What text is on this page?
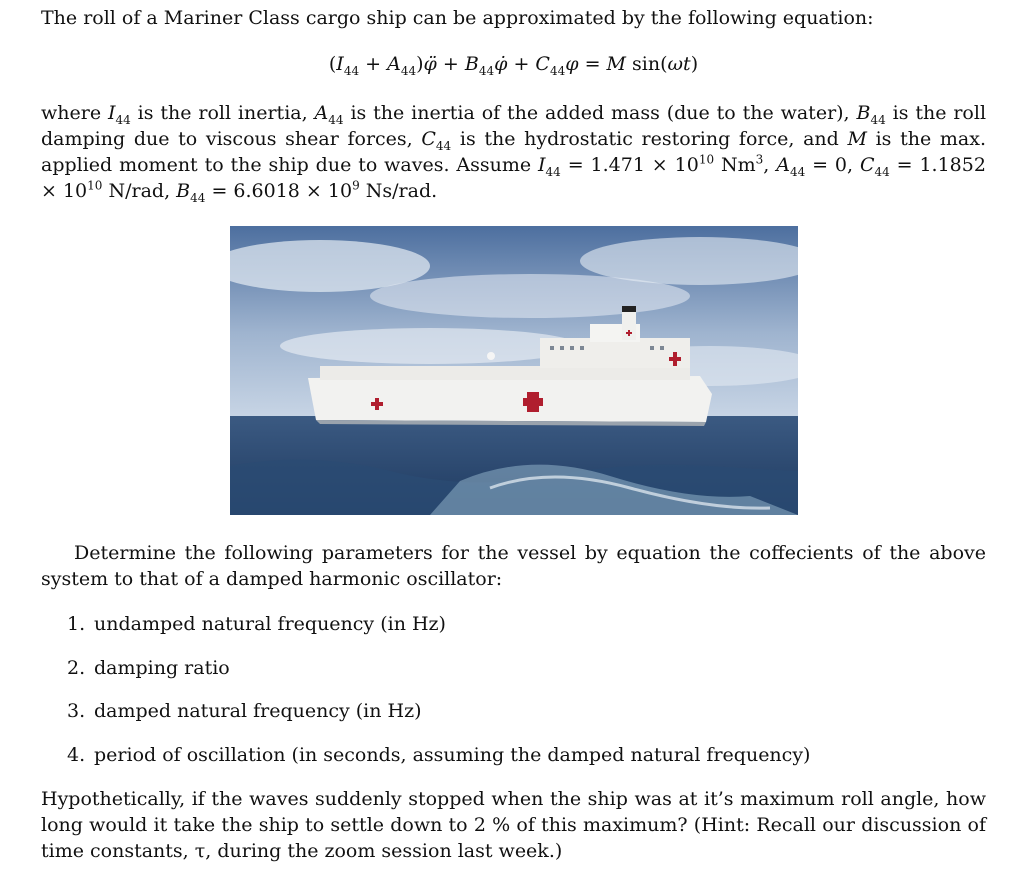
The roll of a Mariner Class cargo ship can be approximated by the following equation:

($I_{44}$ + $A_{44})\varphï$ + $B_{44}\varphi̇ + C_{44}\varphi = M$ sin(ωt)

where $I_{44}$ is the roll inertia, $A_{44}$ is the inertia of the added mass (due to the water), $B_{44}$ is the roll damping due to viscous shear forces, $C_{44}$ is the hydrostatic restoring force, and M is the max. applied moment to the ship due to waves. Assume $I_{44} = 1.471 \times 10^{10}$ Nm$^3$, $A_{44} = 0$, $C_{44} = 1.1852 \times 10^{10}$ N/rad, $B_{44} = 6.6018 \times 10^9$ Ns/rad.

Determine the following parameters for the vessel by equation the coffecients of the above system to that of a damped harmonic oscillator:

1. undamped natural frequency (in Hz)
2. damping ratio
3. damped natural frequency (in Hz)
4. period of oscillation (in seconds, assuming the damped natural frequency)

Hypothetically, if the waves suddenly stopped when the ship was at it’s maximum roll angle, how long would it take the ship to settle down to 2 % of this maximum? (Hint: Recall our discussion of time constants, τ, during the zoom session last week.)
